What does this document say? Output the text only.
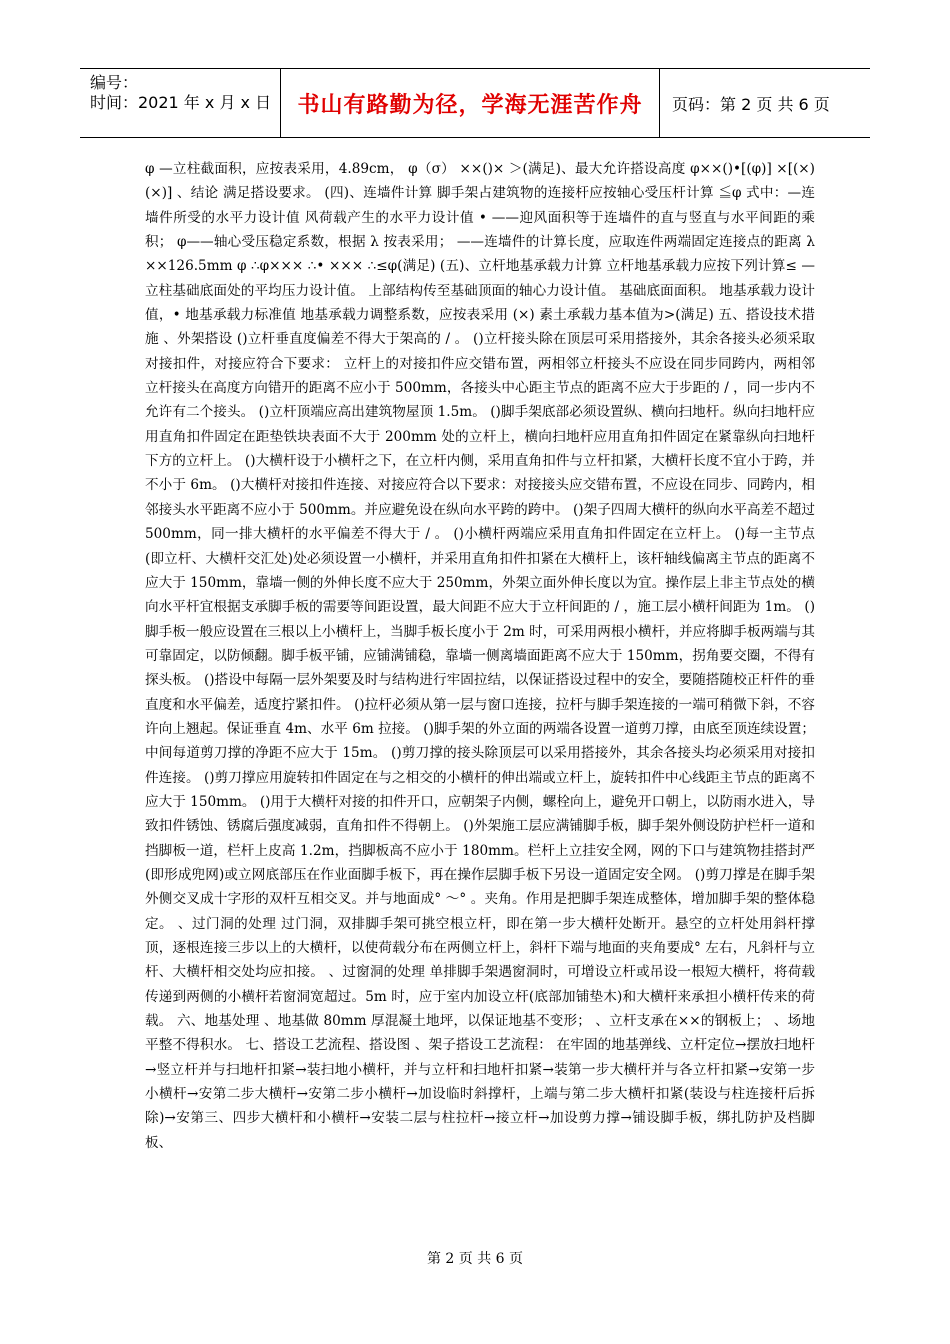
编号：
时间：2021 年 x 月 x 日	书山有路勤为径，学海无涯苦作舟 页码：第 2 页 共 6 页
φ —立柱截面积，应按表采用，4.89cm， φ（σ） ××()× ＞(满足)、最大允许搭设高度 φ××()•[(φ)] ×[(×)(×)] 、结论 满足搭设要求。 (四)、连墙件计算 脚手架占建筑物的连接杆应按轴心受压杆计算 ≦φ 式中：—连墙件所受的水平力设计值 风荷载产生的水平力设计值 • ——迎风面积等于连墙件的直与竖直与水平间距的乘积； φ——轴心受压稳定系数，根据 λ 按表采用； ——连墙件的计算长度，应取连件两端固定连接点的距离 λ××126.5mm φ ∴φ××× ∴• ××× ∴≤φ(满足) (五)、立杆地基承载力计算 立杆地基承载力应按下列计算≤ —立柱基础底面处的平均压力设计值。 上部结构传至基础顶面的轴心力设计值。 基础底面面积。 地基承载力设计值，• 地基承载力标准值 地基承载力调整系数，应按表采用 (×) 素土承载力基本值为>(满足) 五、搭设技术措施 、外架搭设 ()立杆垂直度偏差不得大于架高的 / 。 ()立杆接头除在顶层可采用搭接外，其余各接头必须采取对接扣件，对接应符合下要求： 立杆上的对接扣件应交错布置，两相邻立杆接头不应设在同步同跨内，两相邻立杆接头在高度方向错开的距离不应小于 500mm，各接头中心距主节点的距离不应大于步距的 / ，同一步内不允许有二个接头。 ()立杆顶端应高出建筑物屋顶 1.5m。 ()脚手架底部必须设置纵、横向扫地杆。纵向扫地杆应用直角扣件固定在距垫铁块表面不大于 200mm 处的立杆上，横向扫地杆应用直角扣件固定在紧靠纵向扫地杆下方的立杆上。 ()大横杆设于小横杆之下，在立杆内侧，采用直角扣件与立杆扣紧，大横杆长度不宜小于跨，并不小于 6m。 ()大横杆对接扣件连接、对接应符合以下要求：对接接头应交错布置，不应设在同步、同跨内，相邻接头水平距离不应小于 500mm。并应避免设在纵向水平跨的跨中。 ()架子四周大横杆的纵向水平高差不超过 500mm，同一排大横杆的水平偏差不得大于 / 。 ()小横杆两端应采用直角扣件固定在立杆上。 ()每一主节点(即立杆、大横杆交汇处)处必须设置一小横杆，并采用直角扣件扣紧在大横杆上，该杆轴线偏离主节点的距离不应大于 150mm，靠墙一侧的外伸长度不应大于 250mm，外架立面外伸长度以为宜。操作层上非主节点处的横向水平杆宜根据支承脚手板的需要等间距设置，最大间距不应大于立杆间距的 / ，施工层小横杆间距为 1m。 ()脚手板一般应设置在三根以上小横杆上，当脚手板长度小于 2m 时，可采用两根小横杆，并应将脚手板两端与其可靠固定，以防倾翻。脚手板平铺，应铺满铺稳，靠墙一侧离墙面距离不应大于 150mm，拐角要交圈，不得有探头板。 ()搭设中每隔一层外架要及时与结构进行牢固拉结，以保证搭设过程中的安全，要随搭随校正杆件的垂直度和水平偏差，适度拧紧扣件。 ()拉杆必须从第一层与窗口连接，拉杆与脚手架连接的一端可稍微下斜，不容许向上翘起。保证垂直 4m、水平 6m 拉接。 ()脚手架的外立面的两端各设置一道剪刀撑，由底至顶连续设置；中间每道剪刀撑的净距不应大于 15m。 ()剪刀撑的接头除顶层可以采用搭接外，其余各接头均必须采用对接扣件连接。 ()剪刀撑应用旋转扣件固定在与之相交的小横杆的伸出端或立杆上，旋转扣件中心线距主节点的距离不应大于 150mm。 ()用于大横杆对接的扣件开口，应朝架子内侧，螺栓向上，避免开口朝上，以防雨水进入，导致扣件锈蚀、锈腐后强度减弱，直角扣件不得朝上。 ()外架施工层应满铺脚手板，脚手架外侧设防护栏杆一道和挡脚板一道，栏杆上皮高 1.2m，挡脚板高不应小于 180mm。栏杆上立挂安全网，网的下口与建筑物挂搭封严(即形成兜网)或立网底部压在作业面脚手板下，再在操作层脚手板下另设一道固定安全网。 ()剪刀撑是在脚手架外侧交叉成十字形的双杆互相交叉。并与地面成° ～° 。夹角。作用是把脚手架连成整体，增加脚手架的整体稳定。 、过门洞的处理 过门洞，双排脚手架可挑空根立杆，即在第一步大横杆处断开。悬空的立杆处用斜杆撑顶，逐根连接三步以上的大横杆，以使荷载分布在两侧立杆上，斜杆下端与地面的夹角要成° 左右，凡斜杆与立杆、大横杆相交处均应扣接。 、过窗洞的处理 单排脚手架遇窗洞时，可增设立杆或吊设一根短大横杆，将荷载传递到两侧的小横杆若窗洞宽超过。5m 时，应于室内加设立杆(底部加铺垫木)和大横杆来承担小横杆传来的荷载。 六、地基处理 、地基做 80mm 厚混凝土地坪，以保证地基不变形； 、立杆支承在××的钢板上； 、场地平整不得积水。 七、搭设工艺流程、搭设图 、架子搭设工艺流程： 在牢固的地基弹线、立杆定位→摆放扫地杆→竖立杆并与扫地杆扣紧→装扫地小横杆，并与立杆和扫地杆扣紧→装第一步大横杆并与各立杆扣紧→安第一步小横杆→安第二步大横杆→安第二步小横杆→加设临时斜撑杆，上端与第二步大横杆扣紧(装设与柱连接杆后拆除)→安第三、四步大横杆和小横杆→安装二层与柱拉杆→接立杆→加设剪力撑→铺设脚手板，绑扎防护及档脚板、
第 2 页 共 6 页
